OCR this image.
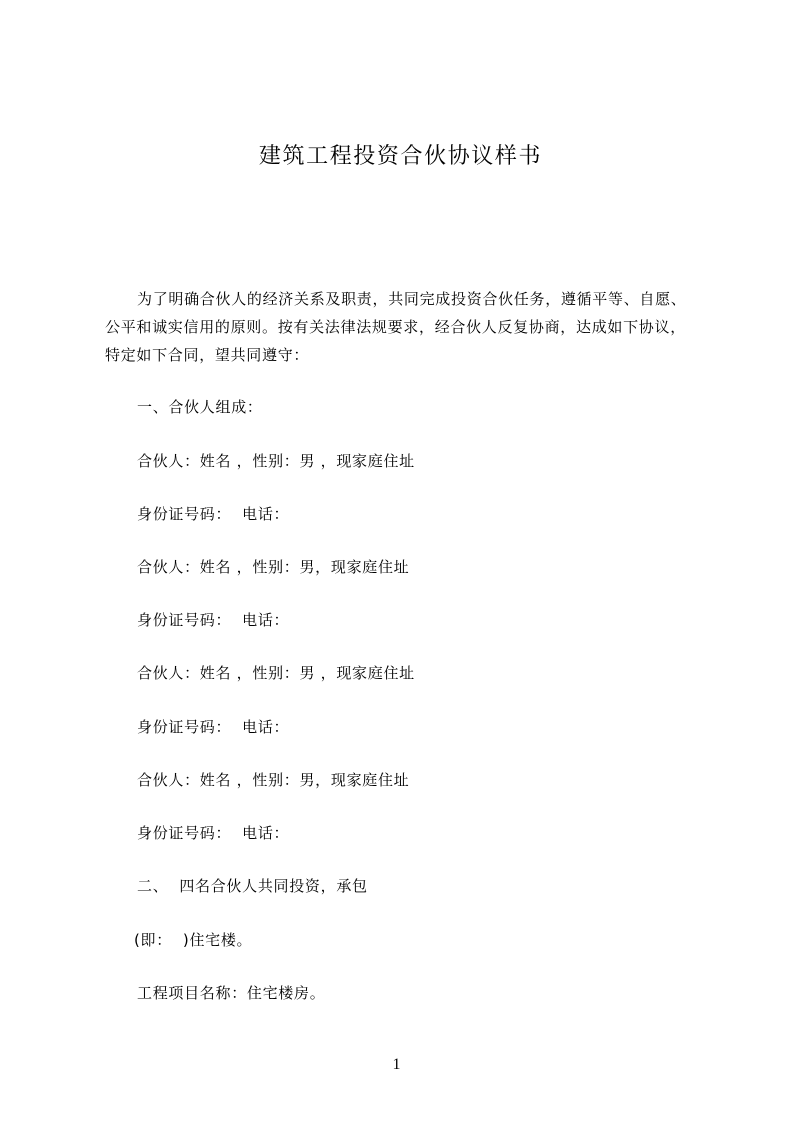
建筑工程投资合伙协议样书
为了明确合伙人的经济关系及职责，共同完成投资合伙任务，遵循平等、自愿、
公平和诚实信用的原则。按有关法律法规要求，经合伙人反复协商，达成如下协议，
特定如下合同，望共同遵守：
一、合伙人组成：
合伙人：姓名 ，性别：男 ，现家庭住址
身份证号码：  电话：
合伙人：姓名 ，性别：男，现家庭住址
身份证号码：  电话：
合伙人：姓名 ，性别：男 ，现家庭住址
身份证号码：  电话：
合伙人：姓名 ，性别：男，现家庭住址
身份证号码：  电话：
二、  四名合伙人共同投资，承包
(即：  )住宅楼。
工程项目名称：住宅楼房。
1
